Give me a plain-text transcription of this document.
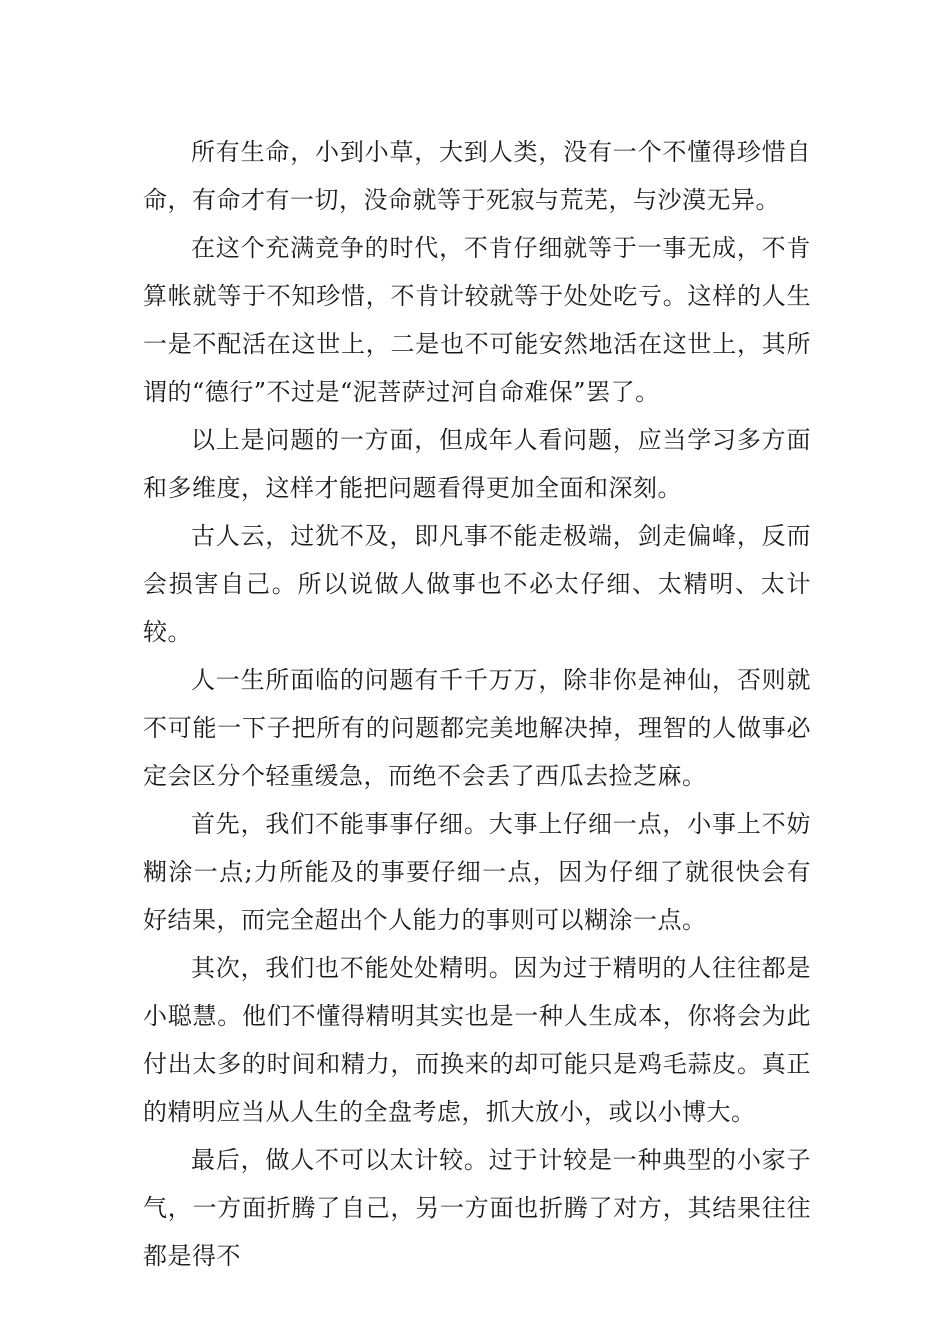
所有生命，小到小草，大到人类，没有一个不懂得珍惜自命，有命才有一切，没命就等于死寂与荒芜，与沙漠无异。

在这个充满竞争的时代，不肯仔细就等于一事无成，不肯算帐就等于不知珍惜，不肯计较就等于处处吃亏。这样的人生一是不配活在这世上，二是也不可能安然地活在这世上，其所谓的“德行”不过是“泥菩萨过河自命难保”罢了。

以上是问题的一方面，但成年人看问题，应当学习多方面和多维度，这样才能把问题看得更加全面和深刻。

古人云，过犹不及，即凡事不能走极端，剑走偏峰，反而会损害自己。所以说做人做事也不必太仔细、太精明、太计较。

人一生所面临的问题有千千万万，除非你是神仙，否则就不可能一下子把所有的问题都完美地解决掉，理智的人做事必定会区分个轻重缓急，而绝不会丢了西瓜去捡芝麻。

首先，我们不能事事仔细。大事上仔细一点，小事上不妨糊涂一点;力所能及的事要仔细一点，因为仔细了就很快会有好结果，而完全超出个人能力的事则可以糊涂一点。

其次，我们也不能处处精明。因为过于精明的人往往都是小聪慧。他们不懂得精明其实也是一种人生成本，你将会为此付出太多的时间和精力，而换来的却可能只是鸡毛蒜皮。真正的精明应当从人生的全盘考虑，抓大放小，或以小博大。

最后，做人不可以太计较。过于计较是一种典型的小家子气，一方面折腾了自己，另一方面也折腾了对方，其结果往往都是得不
